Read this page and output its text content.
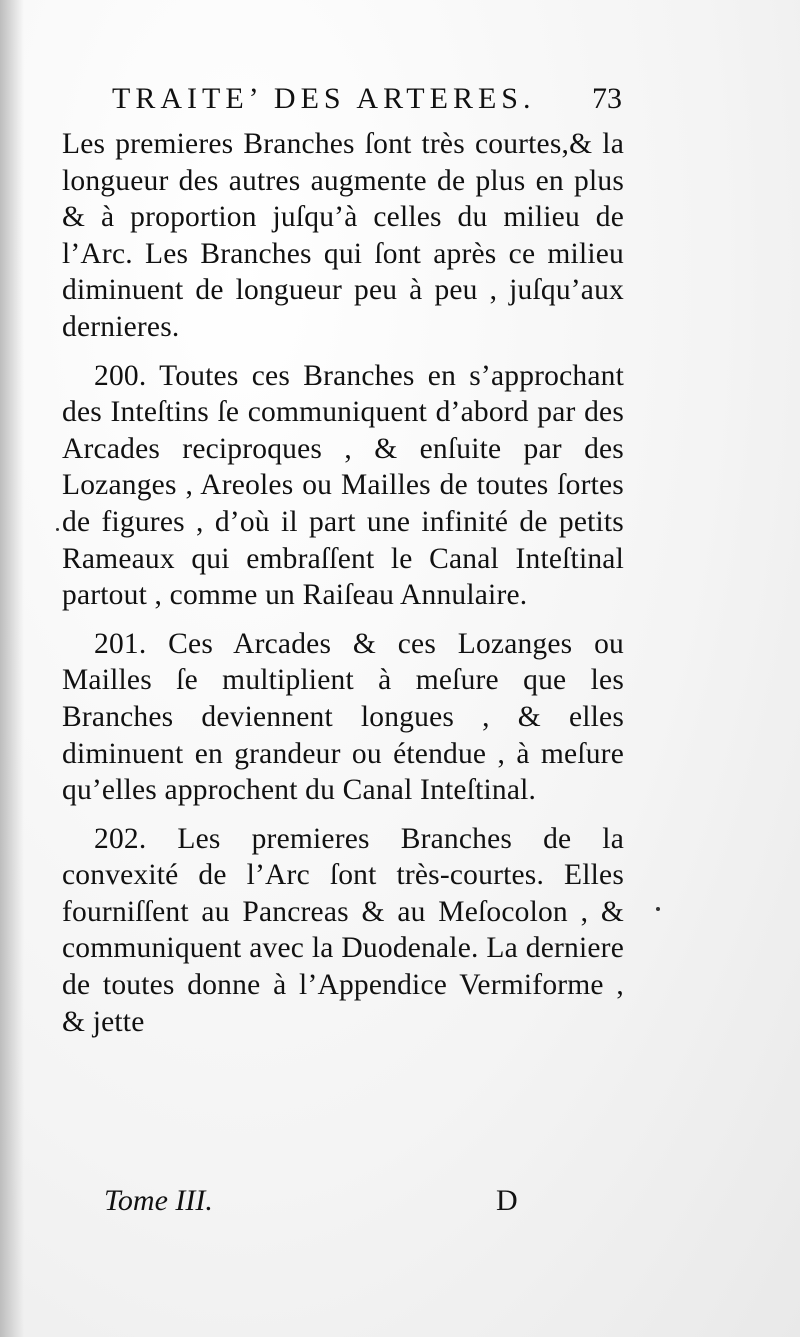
TRAITE’ DES ARTERES. 73

Les premieres Branches ſont très courtes,& la longueur des autres augmente de plus en plus & à proportion juſqu’à celles du milieu de l’Arc. Les Branches qui ſont après ce milieu diminuent de longueur peu à peu , juſqu’aux dernieres.

200. Toutes ces Branches en s’approchant des Inteſtins ſe communiquent d’abord par des Arcades reciproques , & enſuite par des Lozanges , Areoles ou Mailles de toutes ſortes de figures , d’où il part une infinité de petits Rameaux qui embraſſent le Canal Inteſtinal partout , comme un Raiſeau Annulaire.

201. Ces Arcades & ces Lozanges ou Mailles ſe multiplient à meſure que les Branches deviennent longues , & elles diminuent en grandeur ou étendue , à meſure qu’elles approchent du Canal Inteſtinal.

202. Les premieres Branches de la convexité de l’Arc ſont très-courtes. Elles fourniſſent au Pancreas & au Meſocolon , & communiquent avec la Duodenale. La derniere de toutes donne à l’Appendice Vermiforme , & jette

Tome III.	D
